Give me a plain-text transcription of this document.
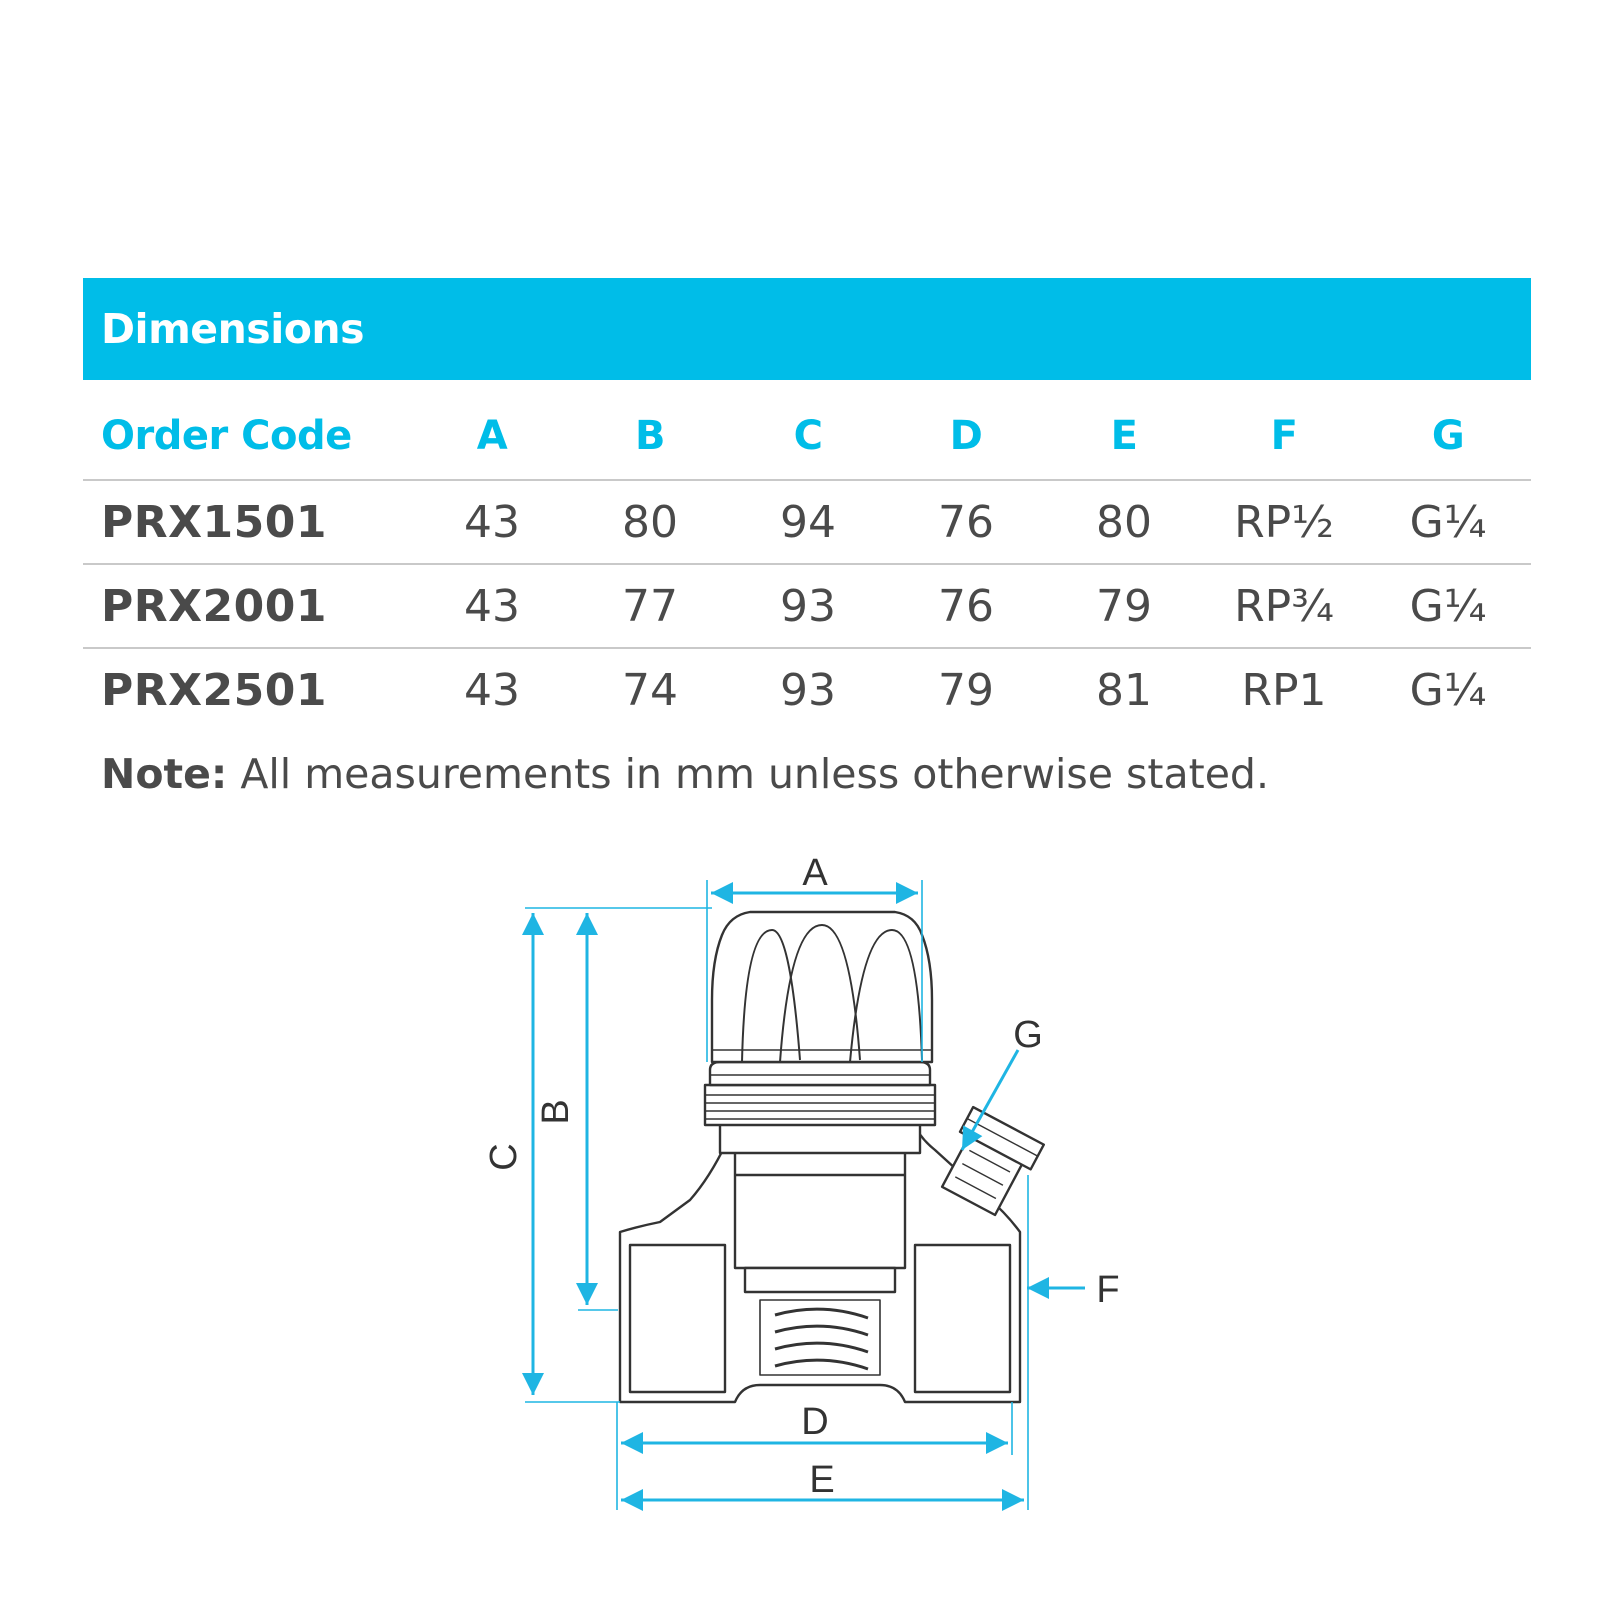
Dimensions
Order Code	A	B	C	D	E	F	G
PRX1501	43	80	94	76	80	RP½	G¼
PRX2001	43	77	93	76	79	RP¾	G¼
PRX2501	43	74	93	79	81	RP1	G¼
Note: All measurements in mm unless otherwise stated.
A
B
C
D
E
F
G
